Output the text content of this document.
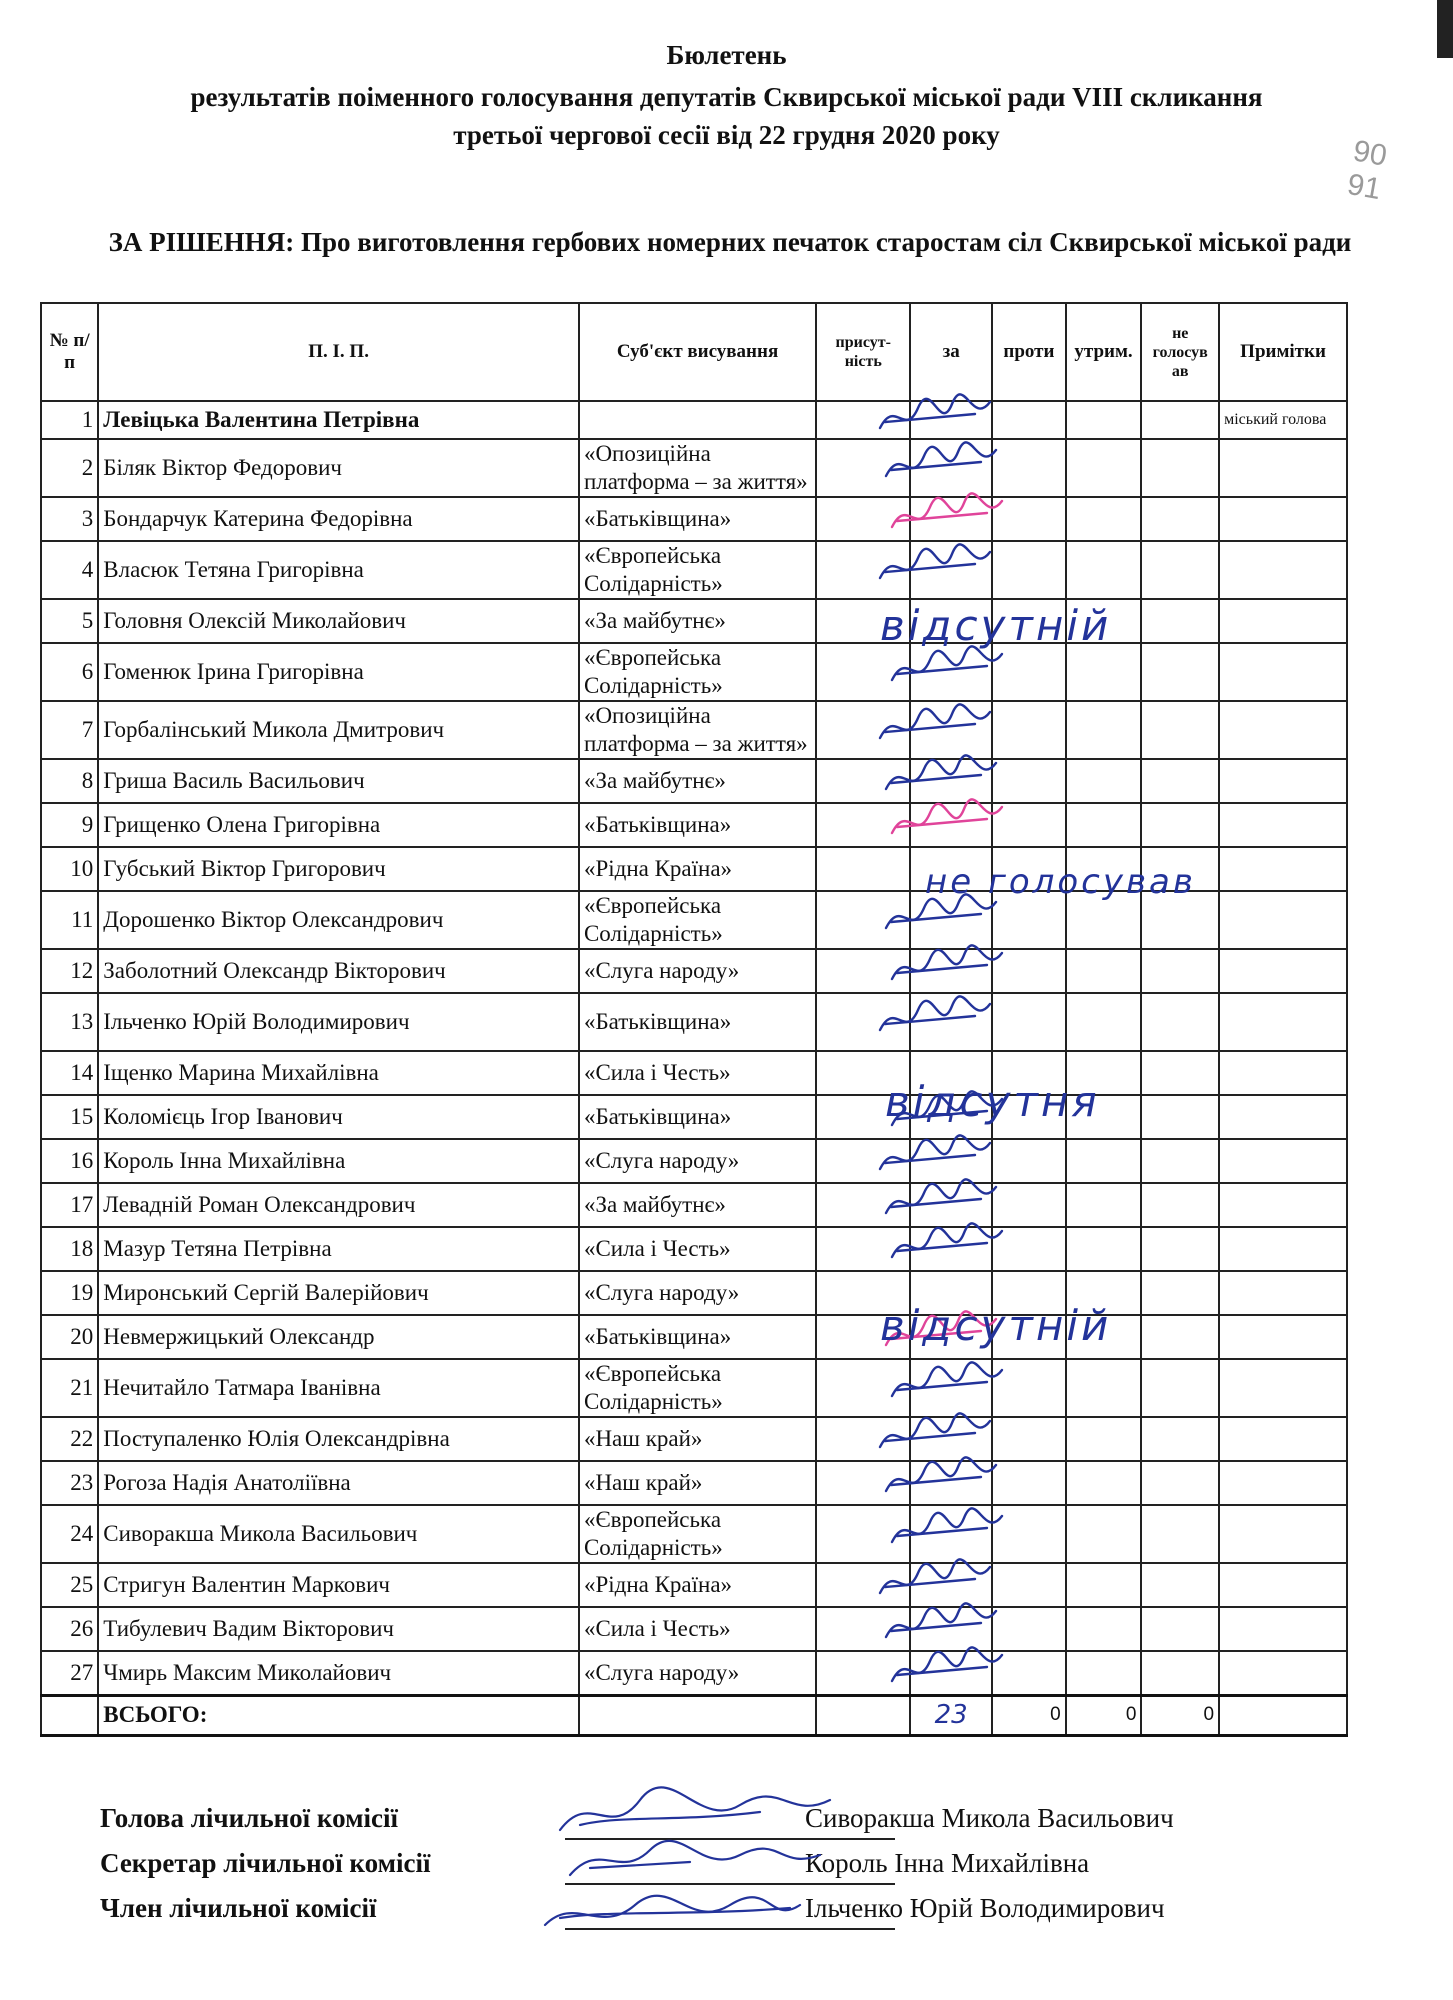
Бюлетень
результатів поіменного голосування депутатів Сквирської міської ради VIII скликання
третьої чергової сесії від 22 грудня 2020 року	90
91
ЗА РІШЕННЯ: Про виготовлення гербових номерних печаток старостам сіл Сквирської міської ради
№ п/п	П. І. П.	Суб'єкт висування	присут- ність	за	проти	утрим.	не голосув ав	Примітки
1	Левіцька Валентина Петрівна							міський голова
2	Біляк Віктор Федорович	«Опозиційна платформа – за життя»						
3	Бондарчук Катерина Федорівна	«Батьківщина»						
4	Власюк Тетяна Григорівна	«Європейська Солідарність»						
5	Головня Олексій Миколайович	«За майбутнє»						
6	Гоменюк Ірина Григорівна	«Європейська Солідарність»						
7	Горбалінський Микола Дмитрович	«Опозиційна платформа – за життя»						
8	Гриша Василь Васильович	«За майбутнє»						
9	Грищенко Олена Григорівна	«Батьківщина»						
10	Губський Віктор Григорович	«Рідна Країна»						
11	Дорошенко Віктор Олександрович	«Європейська Солідарність»						
12	Заболотний Олександр Вікторович	«Слуга народу»						
13	Ільченко Юрій Володимирович	«Батьківщина»						
14	Іщенко Марина Михайлівна	«Сила і Честь»						
15	Коломієць Ігор Іванович	«Батьківщина»						
16	Король Інна Михайлівна	«Слуга народу»						
17	Левадній Роман Олександрович	«За майбутнє»						
18	Мазур Тетяна Петрівна	«Сила і Честь»						
19	Миронський Сергій Валерійович	«Слуга народу»						
20	Невмержицький Олександр	«Батьківщина»						
21	Нечитайло Татмара Іванівна	«Європейська Солідарність»						
22	Поступаленко Юлія Олександрівна	«Наш край»						
23	Рогоза Надія Анатоліївна	«Наш край»						
24	Сиворакша Микола Васильович	«Європейська Солідарність»						
25	Стригун Валентин Маркович	«Рідна Країна»						
26	Тибулевич Вадим Вікторович	«Сила і Честь»						
27	Чмирь Максим Миколайович	«Слуга народу»						
	ВСЬОГО:			23	0	0	0	
відсутній
не голосував
відсутня
відсутній
Голова лічильної комісії	Сиворакша Микола Васильович
Секретар лічильної комісії	Король Інна Михайлівна
Член лічильної комісії	Ільченко Юрій Володимирович
